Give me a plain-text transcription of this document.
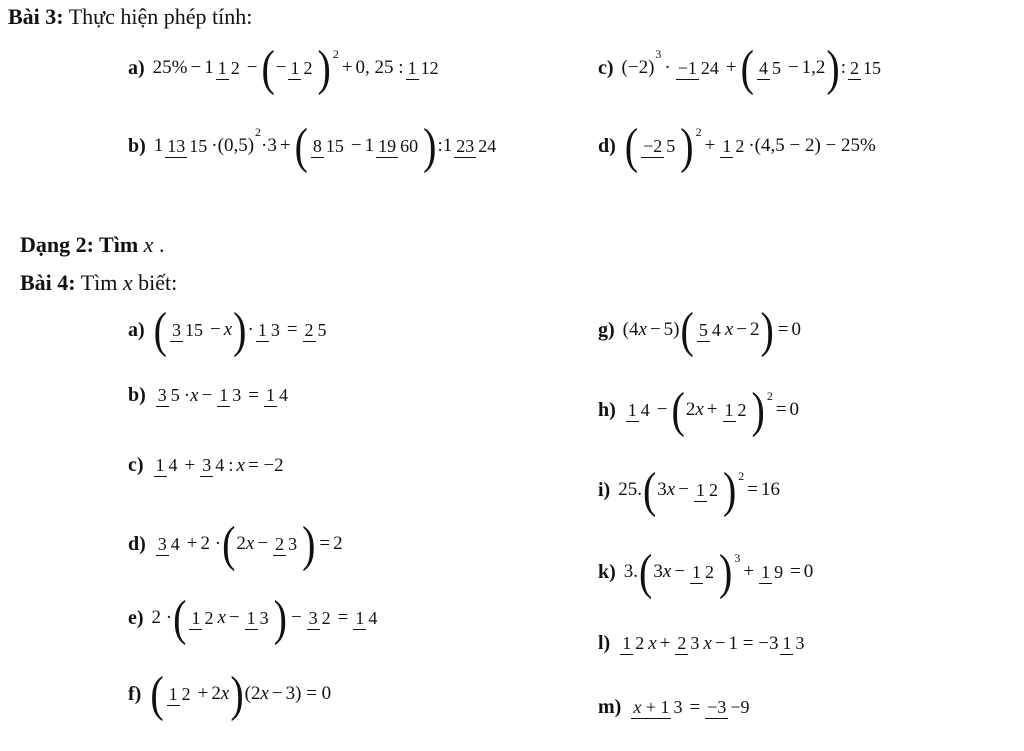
Bài 3: Thực hiện phép tính:
a) 25% − 1 1 2 − ( − 1 2 ) 2
+ 0, 25 : 1 12	c) (−2)
3
· −1 24 + ( 4 5 − 1,2 ) : 2 15
b) 1 13 15 ·(0,5)
2
·3 + ( 8 15 − 1 19 60 ) :1 23 24	d) ( −2 5 ) 2
+ 1 2 ·(4,5 − 2) − 25%
Dạng 2: Tìm x .
Bài 4: Tìm x biết:
a) ( 3 15 − x ) · 1 3 = 2 5
b) 3 5 · x − 1 3 = 1 4
c) 1 4 + 3 4 : x = −2
d) 3 4 + 2 · ( 2 x − 2 3 ) = 2
e) 2 · ( 1 2 x − 1 3 ) − 3 2 = 1 4
f) ( 1 2 + 2 x ) (2 x − 3) = 0
g) (4 x − 5) ( 5 4 x − 2 ) = 0
h) 1 4 − ( 2 x + 1 2 ) 2
= 0
i) 25. ( 3 x − 1 2 ) 2
= 16
k) 3. ( 3 x − 1 2 ) 3
+ 1 9 = 0
l) 1 2 x + 2 3 x − 1 = −3 1 3
m) x + 1 3 = −3 −9
